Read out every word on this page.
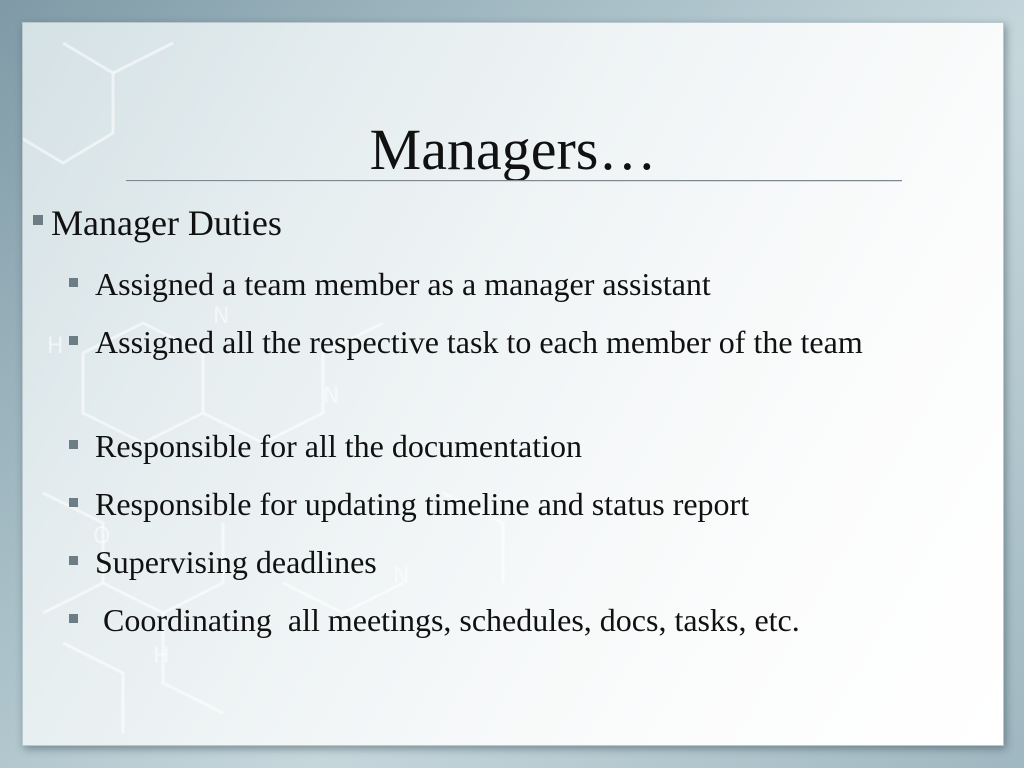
H
N
N
H
O
N
Managers…
Manager Duties
Assigned a team member as a manager assistant
Assigned all the respective task to each member of the team
Responsible for all the documentation
Responsible for updating timeline and status report
Supervising deadlines
Coordinating  all meetings, schedules, docs, tasks, etc.
